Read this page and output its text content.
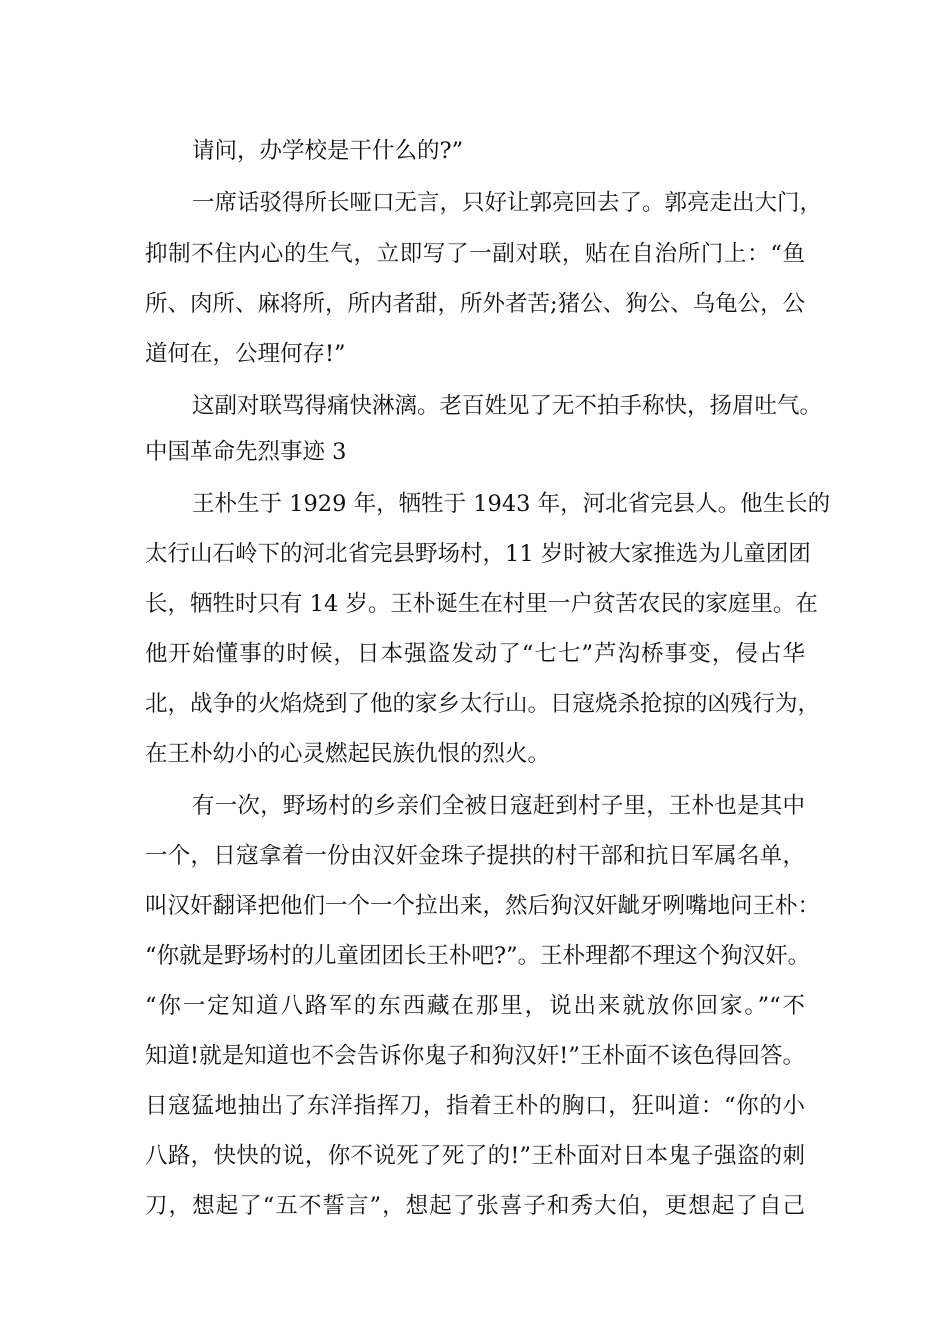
请问，办学校是干什么的?”
一席话驳得所长哑口无言，只好让郭亮回去了。郭亮走出大门，
抑制不住内心的生气，立即写了一副对联，贴在自治所门上：“鱼
所、肉所、麻将所，所内者甜，所外者苦;猪公、狗公、乌龟公，公
道何在，公理何存!”
这副对联骂得痛快淋漓。老百姓见了无不拍手称快，扬眉吐气。
中国革命先烈事迹 3
王朴生于 1929 年，牺牲于 1943 年，河北省完县人。他生长的
太行山石岭下的河北省完县野场村，11 岁时被大家推选为儿童团团
长，牺牲时只有 14 岁。王朴诞生在村里一户贫苦农民的家庭里。在
他开始懂事的时候，日本强盗发动了“七七”芦沟桥事变，侵占华
北，战争的火焰烧到了他的家乡太行山。日寇烧杀抢掠的凶残行为，
在王朴幼小的心灵燃起民族仇恨的烈火。
有一次，野场村的乡亲们全被日寇赶到村子里，王朴也是其中
一个，日寇拿着一份由汉奸金珠子提拱的村干部和抗日军属名单，
叫汉奸翻译把他们一个一个拉出来，然后狗汉奸龇牙咧嘴地问王朴：
“你就是野场村的儿童团团长王朴吧?”。王朴理都不理这个狗汉奸。
“你一定知道八路军的东西藏在那里，说出来就放你回家。”“不
知道!就是知道也不会告诉你鬼子和狗汉奸!”王朴面不该色得回答。
日寇猛地抽出了东洋指挥刀，指着王朴的胸口，狂叫道：“你的小
八路，快快的说，你不说死了死了的!”王朴面对日本鬼子强盗的刺
刀，想起了“五不誓言”，想起了张喜子和秀大伯，更想起了自己
